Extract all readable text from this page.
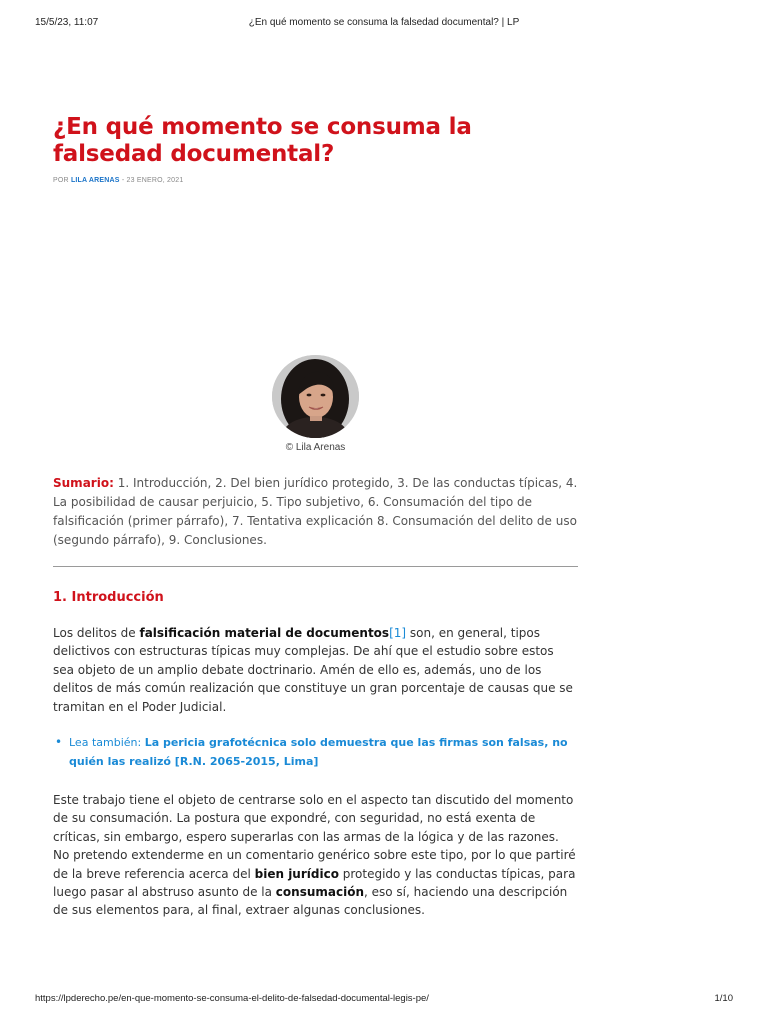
15/5/23, 11:07	¿En qué momento se consuma la falsedad documental? | LP
¿En qué momento se consuma la falsedad documental?
POR LILA ARENAS - 23 ENERO, 2021
© Lila Arenas

Sumario: 1. Introducción, 2. Del bien jurídico protegido, 3. De las conductas típicas, 4. La posibilidad de causar perjuicio, 5. Tipo subjetivo, 6. Consumación del tipo de falsificación (primer párrafo), 7. Tentativa explicación 8. Consumación del delito de uso (segundo párrafo), 9. Conclusiones.

1. Introducción

Los delitos de falsificación material de documentos[1] son, en general, tipos delictivos con estructuras típicas muy complejas. De ahí que el estudio sobre estos sea objeto de un amplio debate doctrinario. Amén de ello es, además, uno de los delitos de más común realización que constituye un gran porcentaje de causas que se tramitan en el Poder Judicial.

• Lea también: La pericia grafotécnica solo demuestra que las firmas son falsas, no quién las realizó [R.N. 2065-2015, Lima]

Este trabajo tiene el objeto de centrarse solo en el aspecto tan discutido del momento de su consumación. La postura que expondré, con seguridad, no está exenta de críticas, sin embargo, espero superarlas con las armas de la lógica y de las razones. No pretendo extenderme en un comentario genérico sobre este tipo, por lo que partiré de la breve referencia acerca del bien jurídico protegido y las conductas típicas, para luego pasar al abstruso asunto de la consumación, eso sí, haciendo una descripción de sus elementos para, al final, extraer algunas conclusiones.

https://lpderecho.pe/en-que-momento-se-consuma-el-delito-de-falsedad-documental-legis-pe/	1/10
